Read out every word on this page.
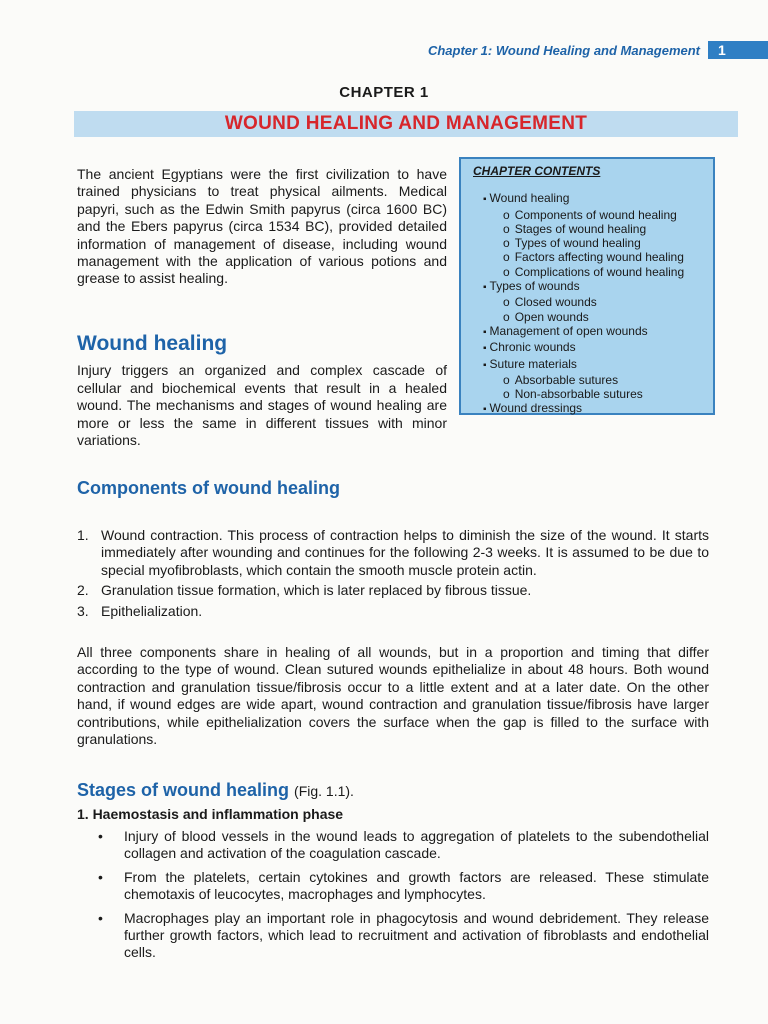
Chapter 1: Wound Healing and Management	1
CHAPTER 1
WOUND HEALING AND MANAGEMENT
The ancient Egyptians were the first civilization to have trained physicians to treat physical ailments. Medical papyri, such as the Edwin Smith papyrus (circa 1600 BC) and the Ebers papyrus (circa 1534 BC), provided detailed information of management of disease, including wound management with the application of various potions and grease to assist healing.
CHAPTER CONTENTS
▪ Wound healing
o Components of wound healing
o Stages of wound healing
o Types of wound healing
o Factors affecting wound healing
o Complications of wound healing
▪ Types of wounds
o Closed wounds
o Open wounds
▪ Management of open wounds
▪ Chronic wounds
▪ Suture materials
o Absorbable sutures
o Non-absorbable sutures
▪ Wound dressings
Wound healing
Injury triggers an organized and complex cascade of cellular and biochemical events that result in a healed wound. The mechanisms and stages of wound healing are more or less the same in different tissues with minor variations.
Components of wound healing
1. Wound contraction. This process of contraction helps to diminish the size of the wound. It starts immediately after wounding and continues for the following 2-3 weeks. It is assumed to be due to special myofibroblasts, which contain the smooth muscle protein actin.
2. Granulation tissue formation, which is later replaced by fibrous tissue.
3. Epithelialization.
All three components share in healing of all wounds, but in a proportion and timing that differ according to the type of wound. Clean sutured wounds epithelialize in about 48 hours. Both wound contraction and granulation tissue/fibrosis occur to a little extent and at a later date. On the other hand, if wound edges are wide apart, wound contraction and granulation tissue/fibrosis have larger contributions, while epithelialization covers the surface when the gap is filled to the surface with granulations.
Stages of wound healing (Fig. 1.1).
1. Haemostasis and inflammation phase
•	Injury of blood vessels in the wound leads to aggregation of platelets to the subendothelial collagen and activation of the coagulation cascade.
•	From the platelets, certain cytokines and growth factors are released. These stimulate chemotaxis of leucocytes, macrophages and lymphocytes.
•	Macrophages play an important role in phagocytosis and wound debridement. They release further growth factors, which lead to recruitment and activation of fibroblasts and endothelial cells.
